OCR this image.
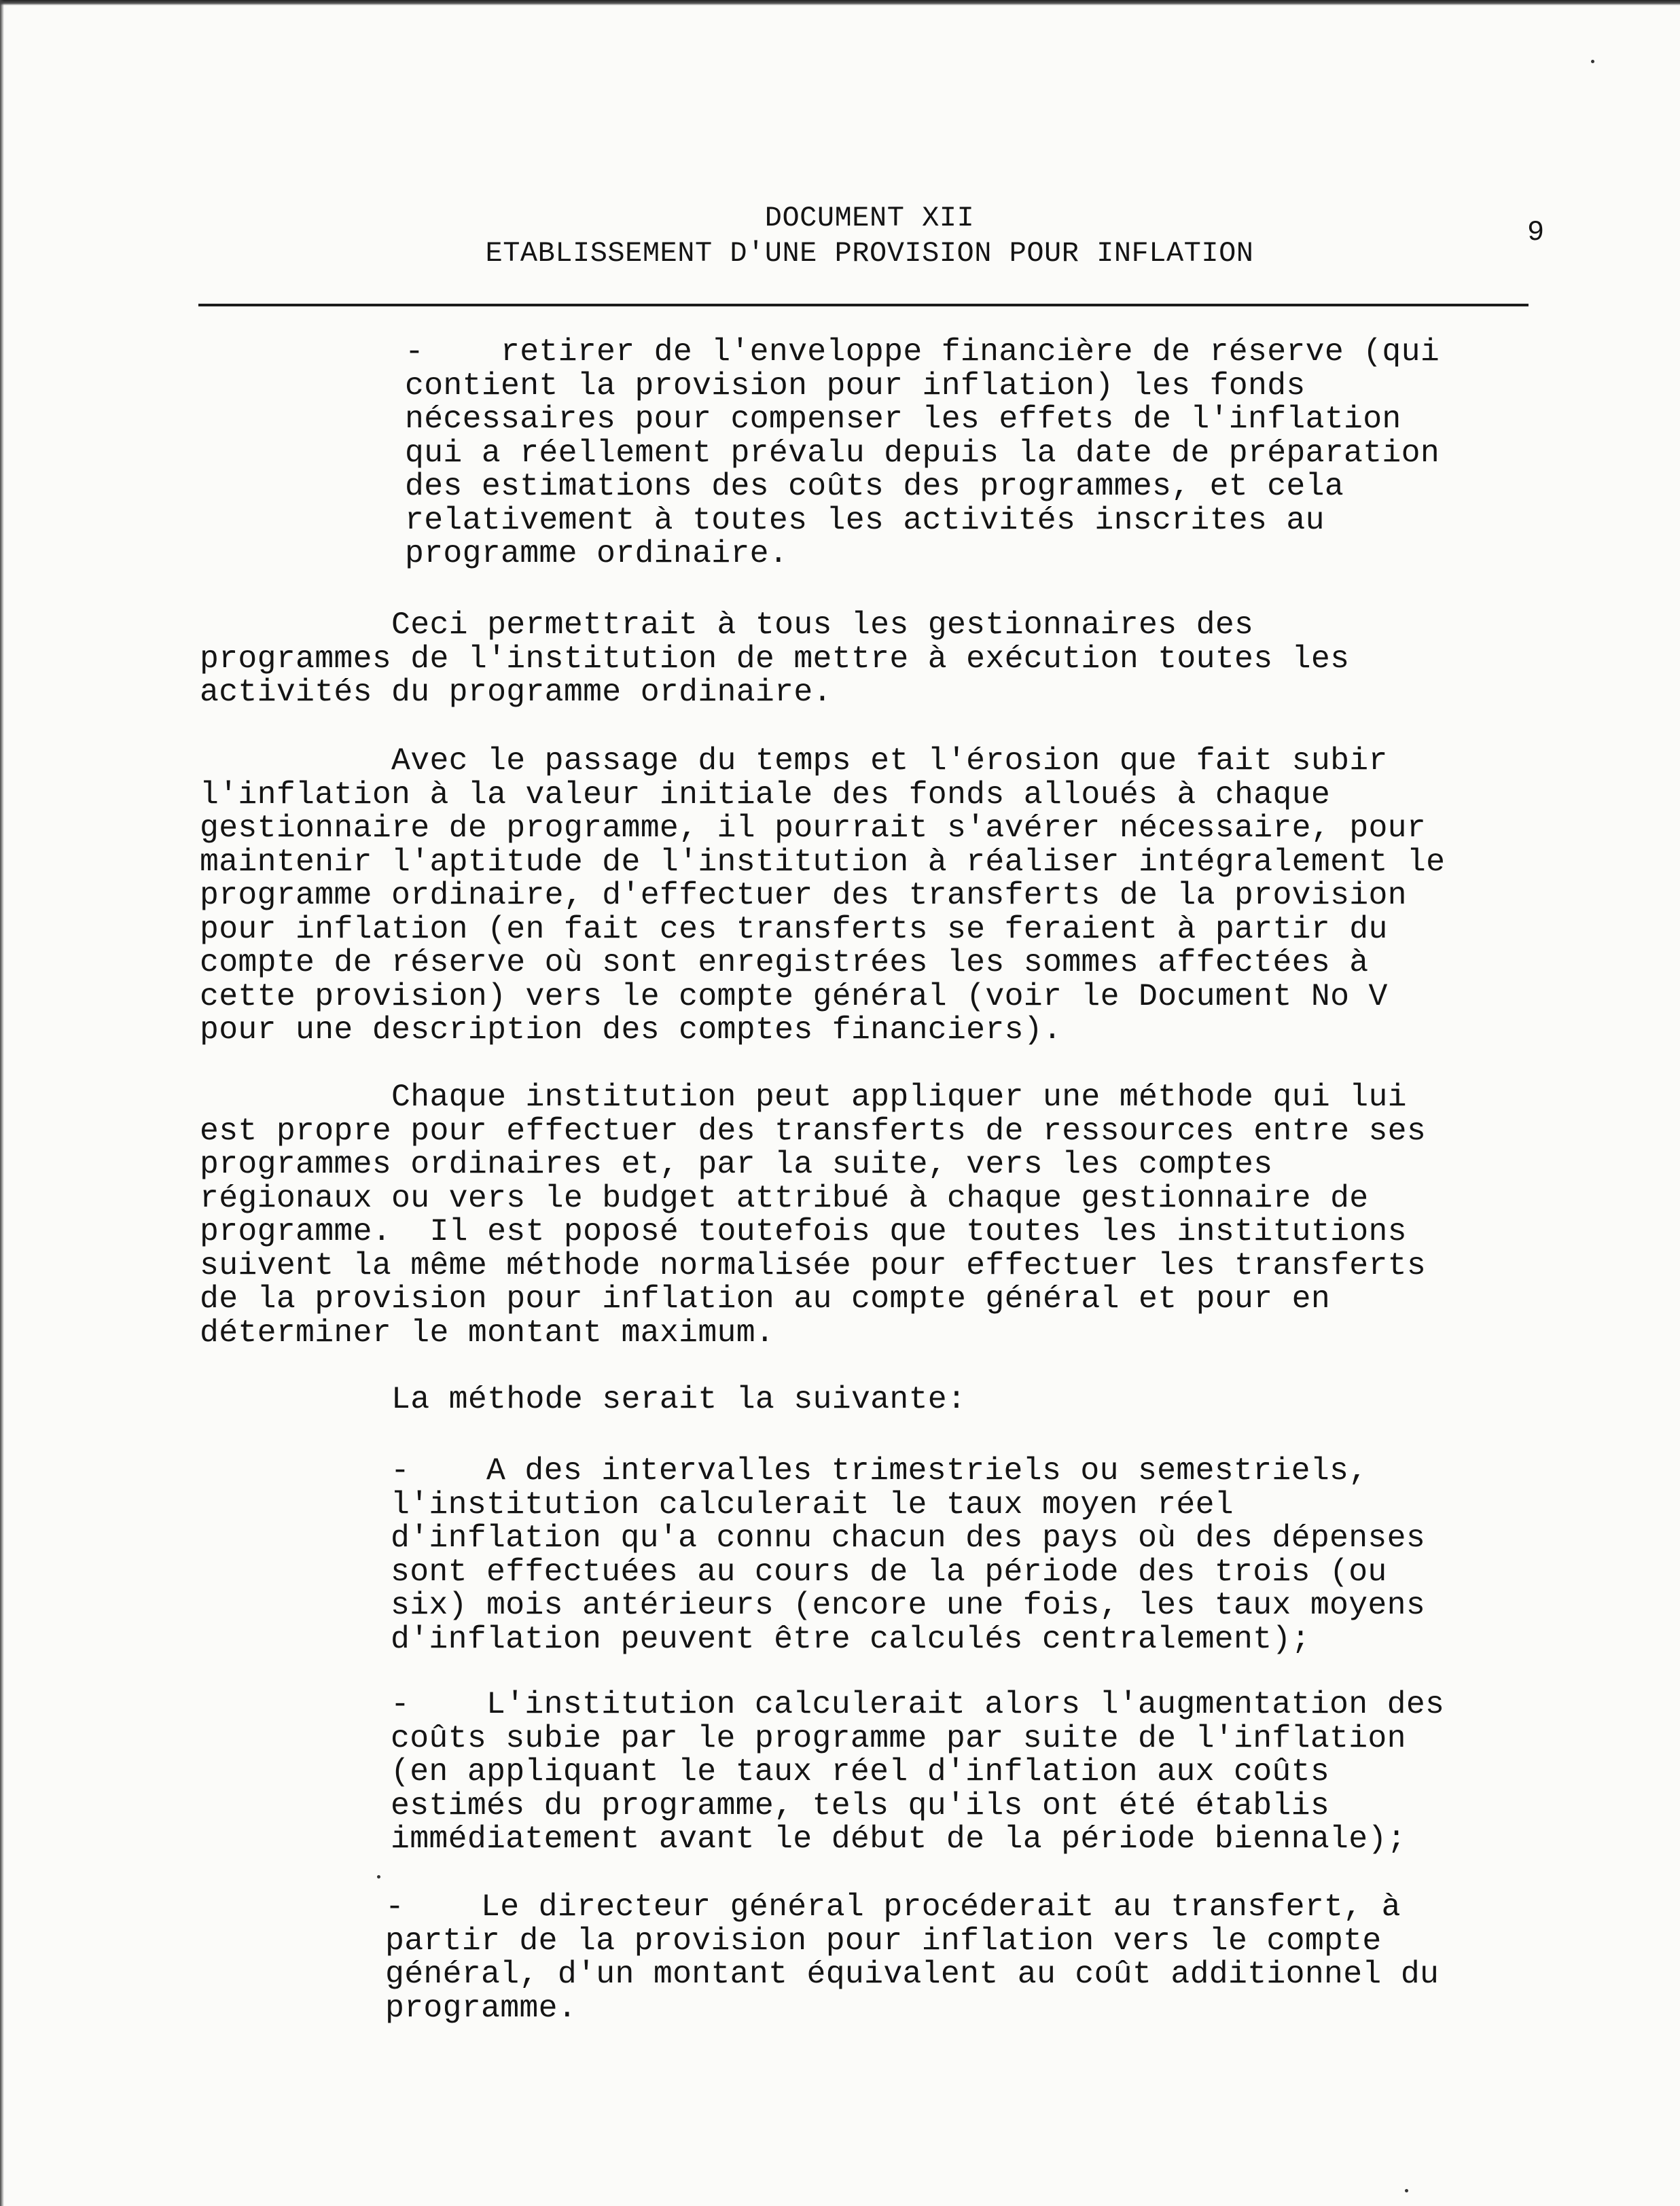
DOCUMENT XII
ETABLISSEMENT D'UNE PROVISION POUR INFLATION
9
-    retirer de l'enveloppe financière de réserve (qui
contient la provision pour inflation) les fonds
nécessaires pour compenser les effets de l'inflation
qui a réellement prévalu depuis la date de préparation
des estimations des coûts des programmes, et cela
relativement à toutes les activités inscrites au
programme ordinaire.
Ceci permettrait à tous les gestionnaires des
programmes de l'institution de mettre à exécution toutes les
activités du programme ordinaire.
Avec le passage du temps et l'érosion que fait subir
l'inflation à la valeur initiale des fonds alloués à chaque
gestionnaire de programme, il pourrait s'avérer nécessaire, pour
maintenir l'aptitude de l'institution à réaliser intégralement le
programme ordinaire, d'effectuer des transferts de la provision
pour inflation (en fait ces transferts se feraient à partir du
compte de réserve où sont enregistrées les sommes affectées à
cette provision) vers le compte général (voir le Document No V
pour une description des comptes financiers).
Chaque institution peut appliquer une méthode qui lui
est propre pour effectuer des transferts de ressources entre ses
programmes ordinaires et, par la suite, vers les comptes
régionaux ou vers le budget attribué à chaque gestionnaire de
programme.  Il est poposé toutefois que toutes les institutions
suivent la même méthode normalisée pour effectuer les transferts
de la provision pour inflation au compte général et pour en
déterminer le montant maximum.
La méthode serait la suivante:
-    A des intervalles trimestriels ou semestriels,
l'institution calculerait le taux moyen réel
d'inflation qu'a connu chacun des pays où des dépenses
sont effectuées au cours de la période des trois (ou
six) mois antérieurs (encore une fois, les taux moyens
d'inflation peuvent être calculés centralement);
-    L'institution calculerait alors l'augmentation des
coûts subie par le programme par suite de l'inflation
(en appliquant le taux réel d'inflation aux coûts
estimés du programme, tels qu'ils ont été établis
immédiatement avant le début de la période biennale);
-    Le directeur général procéderait au transfert, à
partir de la provision pour inflation vers le compte
général, d'un montant équivalent au coût additionnel du
programme.
